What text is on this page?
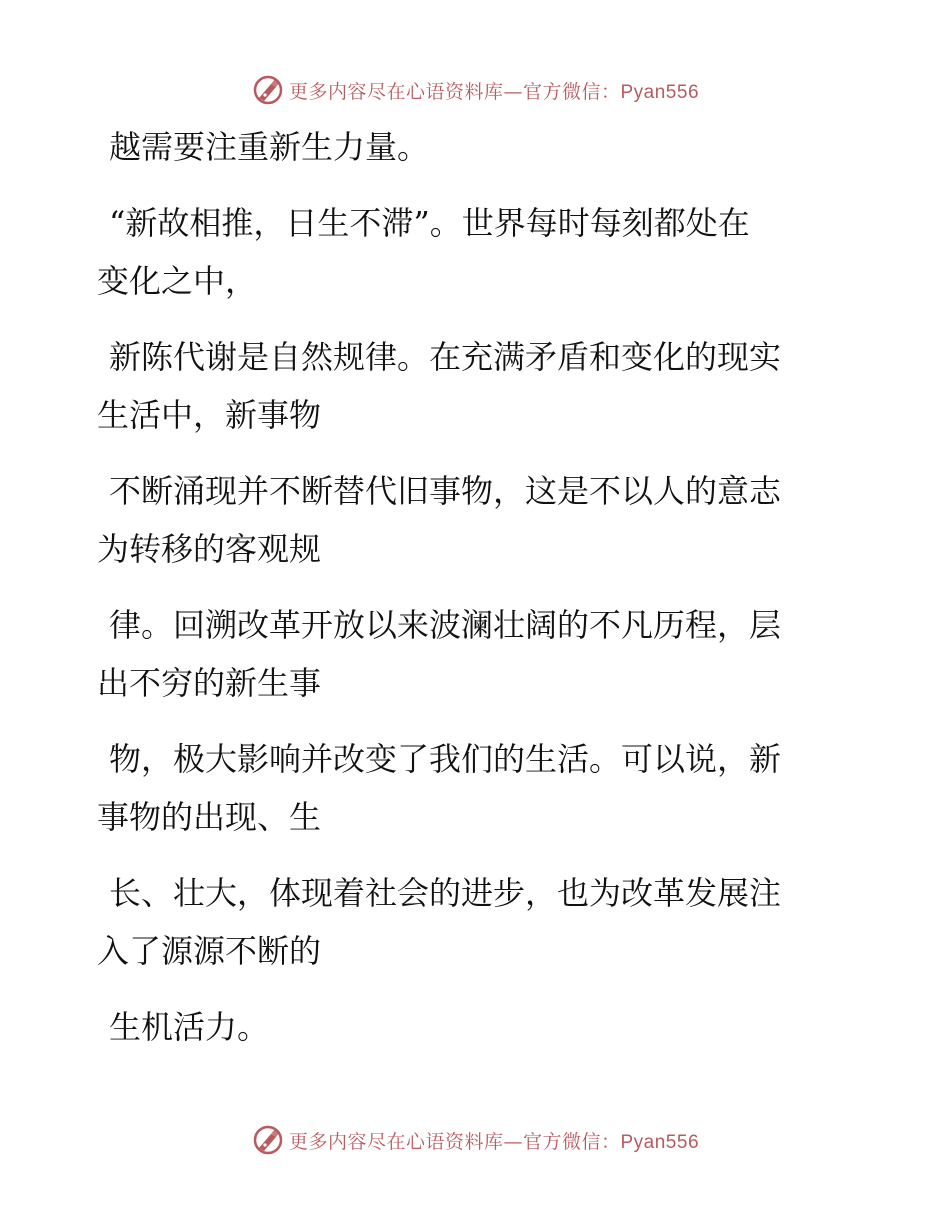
更多内容尽在心语资料库—官方微信：Pyan556

越需要注重新生力量。

“新故相推，日生不滞”。世界每时每刻都处在
变化之中，

新陈代谢是自然规律。在充满矛盾和变化的现实
生活中，新事物

不断涌现并不断替代旧事物，这是不以人的意志
为转移的客观规

律。回溯改革开放以来波澜壮阔的不凡历程，层
出不穷的新生事

物，极大影响并改变了我们的生活。可以说，新
事物的出现、生

长、壮大，体现着社会的进步，也为改革发展注
入了源源不断的

生机活力。

更多内容尽在心语资料库—官方微信：Pyan556
